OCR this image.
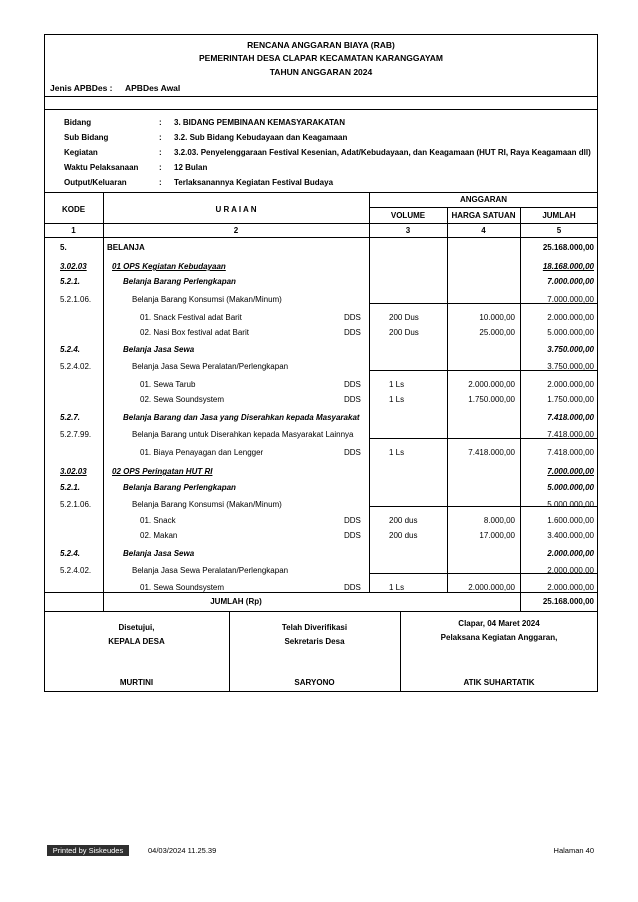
RENCANA ANGGARAN BIAYA (RAB)
PEMERINTAH DESA CLAPAR KECAMATAN KARANGGAYAM
TAHUN ANGGARAN 2024
Jenis APBDes : APBDes Awal
Bidang	: 3. BIDANG PEMBINAAN KEMASYARAKATAN
Sub Bidang	: 3.2. Sub Bidang Kebudayaan dan Keagamaan
Kegiatan	: 3.2.03. Penyelenggaraan Festival Kesenian, Adat/Kebudayaan, dan Keagamaan (HUT RI, Raya Keagamaan dll)
Waktu Pelaksanaan	: 12 Bulan
Output/Keluaran	: Terlaksanannya Kegiatan Festival Budaya
KODE	U R A I A N
ANGGARAN
VOLUME	HARGA SATUAN	JUMLAH
1	2	3	4	5
5.	BELANJA	25.168.000,00
3.02.03	01 OPS Kegiatan Kebudayaan	18.168.000,00
5.2.1.	Belanja Barang Perlengkapan	7.000.000,00
5.2.1.06.	Belanja Barang Konsumsi (Makan/Minum)	7.000.000,00
01. Snack Festival adat Barit	DDS	200 Dus	10.000,00	2.000.000,00
02. Nasi Box festival adat Barit	DDS	200 Dus	25.000,00	5.000.000,00
5.2.4.	Belanja Jasa Sewa	3.750.000,00
5.2.4.02.	Belanja Jasa Sewa Peralatan/Perlengkapan	3.750.000,00
01. Sewa Tarub	DDS	1 Ls	2.000.000,00	2.000.000,00
02. Sewa Soundsystem	DDS	1 Ls	1.750.000,00	1.750.000,00
5.2.7.	Belanja Barang dan Jasa yang Diserahkan kepada Masyarakat	7.418.000,00
5.2.7.99.	Belanja Barang untuk Diserahkan kepada Masyarakat Lainnya	7.418.000,00
01. Biaya Penayagan dan Lengger	DDS	1 Ls	7.418.000,00	7.418.000,00
3.02.03	02 OPS Peringatan HUT RI	7.000.000,00
5.2.1.	Belanja Barang Perlengkapan	5.000.000,00
5.2.1.06.	Belanja Barang Konsumsi (Makan/Minum)	5.000.000,00
01. Snack	DDS	200 dus	8.000,00	1.600.000,00
02. Makan	DDS	200 dus	17.000,00	3.400.000,00
5.2.4.	Belanja Jasa Sewa	2.000.000,00
5.2.4.02.	Belanja Jasa Sewa Peralatan/Perlengkapan	2.000.000,00
01. Sewa Soundsystem	DDS	1 Ls	2.000.000,00	2.000.000,00
JUMLAH (Rp)	25.168.000,00
Disetujui,
KEPALA DESA
MURTINI
Telah Diverifikasi
Sekretaris Desa
SARYONO
Clapar, 04 Maret 2024
Pelaksana Kegiatan Anggaran,
ATIK SUHARTATIK
Printed by Siskeudes	04/03/2024 11.25.39	Halaman 40
